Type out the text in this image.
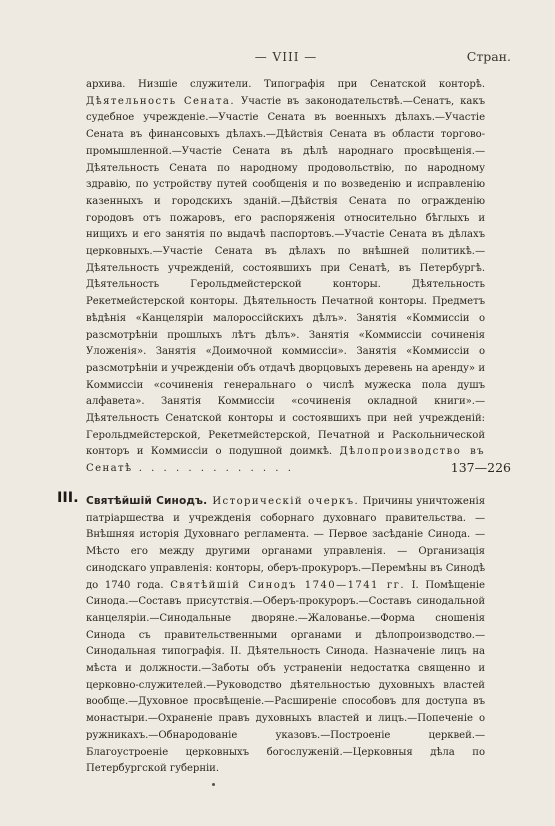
— VIII —	Стран.

архива. Низшiе служители. Типографiя при Сенатской конторѣ. Дѣятельность Сената. Участiе въ законодательствѣ.—Сенатъ, какъ судебное учрежденiе.—Участiе Сената въ военныхъ дѣлахъ.—Участiе Сената въ финансовыхъ дѣлахъ.—Дѣйствiя Сената въ области торгово-промышленной.—Участiе Сената въ дѣлѣ народнаго просвѣщенiя.—Дѣятельность Сената по народному продовольствiю, по народному здравiю, по устройству путей сообщенiя и по возведенiю и исправленiю казенныхъ и городскихъ зданiй.—Дѣйствiя Сената по огражденiю городовъ отъ пожаровъ, его распоряженiя относительно бѣглыхъ и нищихъ и его занятiя по выдачѣ паспортовъ.—Участiе Сената въ дѣлахъ церковныхъ.—Участiе Сената въ дѣлахъ по внѣшней политикѣ.—Дѣятельность учрежденiй, состоявшихъ при Сенатѣ, въ Петербургѣ. Дѣятельность Герольдмейстерской конторы. Дѣятельность Рекетмейстерской конторы. Дѣятельность Печатной конторы. Предметъ вѣдѣнiя «Канцелярiи малороссiйскихъ дѣлъ». Занятiя «Коммиссiи о разсмотрѣнiи прошлыхъ лѣтъ дѣлъ». Занятiя «Коммиссiи сочиненiя Уложенiя». Занятiя «Доимочной коммиссiи». Занятiя «Коммиссiи о разсмотрѣнiи и учрежденiи объ отдачѣ дворцовыхъ деревень на аренду» и Коммиссiи «сочиненiя генеральнаго о числѣ мужеска пола душъ алфавета». Занятiя Коммиссiи «сочиненiя окладной книги».—Дѣятельность Сенатской конторы и состоявшихъ при ней учрежденiй: Герольдмейстерской, Рекетмейстерской, Печатной и Раскольнической конторъ и Коммиссiи о подушной доимкѣ. Дѣлопроизводство въ Сенатѣ . . . . . . . . . . . . .	137—226
III. Святѣйшiй Синодъ. Историческiй очеркъ. Причины уничтоженiя патрiаршества и учрежденiя соборнаго духовнаго правительства. — Внѣшняя исторiя Духовнаго регламента. — Первое засѣданiе Синода. — Мѣсто его между другими органами управленiя. — Организацiя синодскаго управленiя: конторы, оберъ-прокуроръ.—Перемѣны въ Синодѣ до 1740 года. Святѣйшiй Синодъ 1740—1741 гг. I. Помѣщенiе Синода.—Составъ присутствiя.—Оберъ-прокуроръ.—Составъ синодальной канцелярiи.—Синодальные дворяне.—Жалованье.—Форма сношенiя Синода съ правительственными органами и дѣлопроизводство.—Синодальная типографiя. II. Дѣятельность Синода. Назначенiе лицъ на мѣста и должности.—Заботы объ устраненiи недостатка священно и церковно-служителей.—Руководство дѣятельностью духовныхъ властей вообще.—Духовное просвѣщенiе.—Расширенiе способовъ для доступа въ монастыри.—Охраненiе правъ духовныхъ властей и лицъ.—Попеченiе о ружникахъ.—Обнародованiе указовъ.—Построенiе церквей.—Благоустроенiе церковныхъ богослуженiй.—Церковныя дѣла по Петербургской губернiи.
